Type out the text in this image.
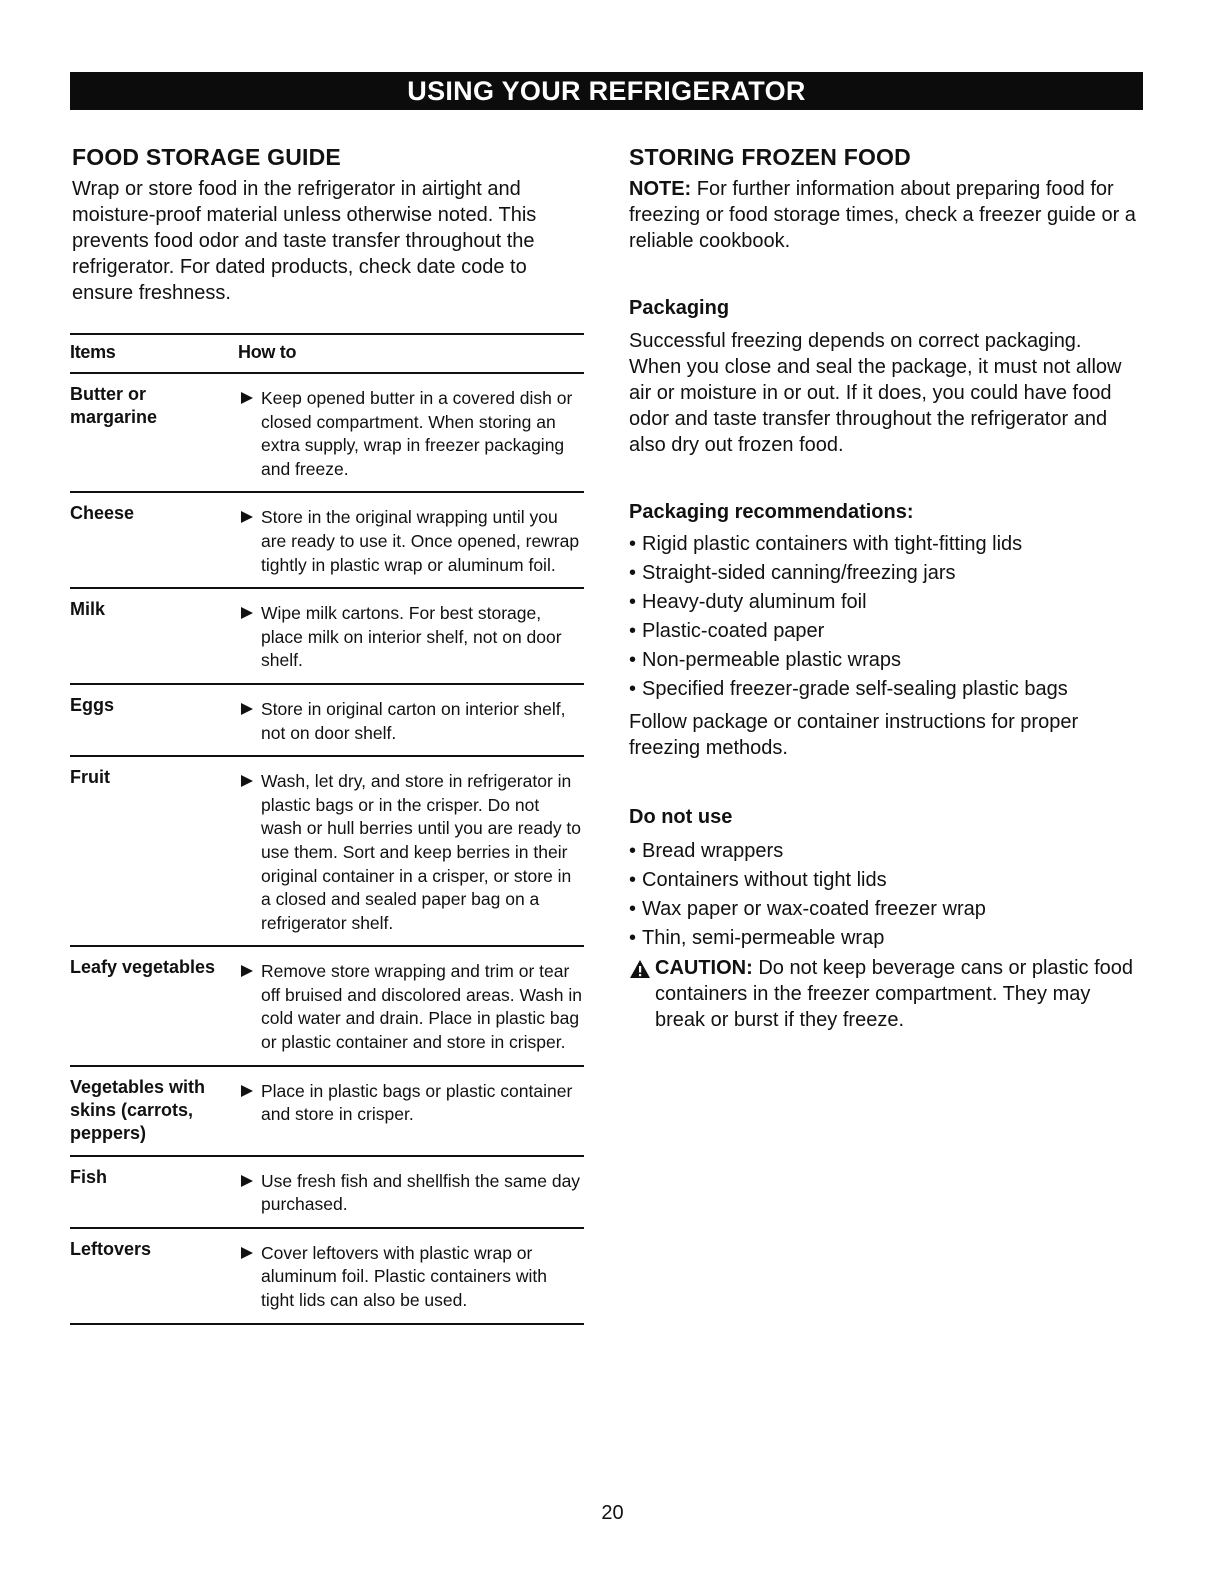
USING YOUR REFRIGERATOR
FOOD STORAGE GUIDE

Wrap or store food in the refrigerator in airtight and moisture-proof material unless otherwise noted. This prevents food odor and taste transfer throughout the refrigerator. For dated products, check date code to ensure freshness.

Items	How to

Butter or margarine	Keep opened butter in a covered dish or closed compartment. When storing an extra supply, wrap in freezer packaging and freeze.

Cheese	Store in the original wrapping until you are ready to use it. Once opened, rewrap tightly in plastic wrap or aluminum foil.

Milk	Wipe milk cartons. For best storage, place milk on interior shelf, not on door shelf.

Eggs	Store in original carton on interior shelf, not on door shelf.

Fruit	Wash, let dry, and store in refrigerator in plastic bags or in the crisper. Do not wash or hull berries until you are ready to use them. Sort and keep berries in their original container in a crisper, or store in a closed and sealed paper bag on a refrigerator shelf.

Leafy vegetables	Remove store wrapping and trim or tear off bruised and discolored areas. Wash in cold water and drain. Place in plastic bag or plastic container and store in crisper.

Vegetables with skins (carrots, peppers)	Place in plastic bags or plastic container and store in crisper.

Fish	Use fresh fish and shellfish the same day purchased.

Leftovers	Cover leftovers with plastic wrap or aluminum foil. Plastic containers with tight lids can also be used.
STORING FROZEN FOOD

NOTE: For further information about preparing food for freezing or food storage times, check a freezer guide or a reliable cookbook.

Packaging

Successful freezing depends on correct packaging. When you close and seal the package, it must not allow air or moisture in or out. If it does, you could have food odor and taste transfer throughout the refrigerator and also dry out frozen food.

Packaging recommendations:
• Rigid plastic containers with tight-fitting lids
• Straight-sided canning/freezing jars
• Heavy-duty aluminum foil
• Plastic-coated paper
• Non-permeable plastic wraps
• Specified freezer-grade self-sealing plastic bags

Follow package or container instructions for proper freezing methods.

Do not use
• Bread wrappers
• Containers without tight lids
• Wax paper or wax-coated freezer wrap
• Thin, semi-permeable wrap
CAUTION: Do not keep beverage cans or plastic food containers in the freezer compartment. They may break or burst if they freeze.
20
